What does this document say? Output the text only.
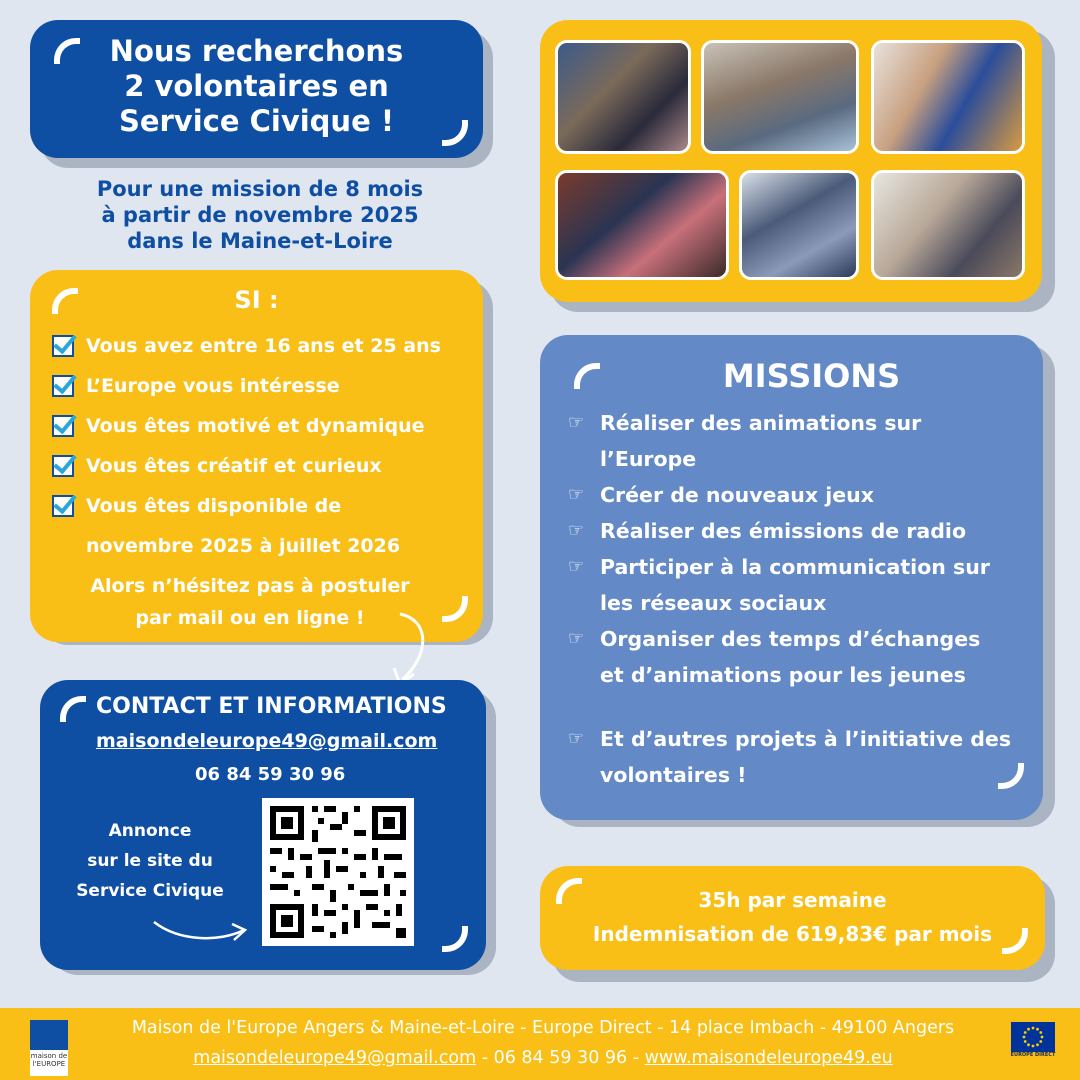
Nous recherchons
2 volontaires en
Service Civique !
Pour une mission de 8 mois
à partir de novembre 2025
dans le Maine-et-Loire
SI :
Vous avez entre 16 ans et 25 ans
L’Europe vous intéresse
Vous êtes motivé et dynamique
Vous êtes créatif et curieux
Vous êtes disponible de
novembre 2025 à juillet 2026
Alors n’hésitez pas à postuler
par mail ou en ligne !
CONTACT ET INFORMATIONS
maisondeleurope49@gmail.com
06 84 59 30 96
Annonce
sur le site du
Service Civique
MISSIONS
☞ Réaliser des animations sur
l’Europe
☞ Créer de nouveaux jeux
☞ Réaliser des émissions de radio
☞ Participer à la communication sur
les réseaux sociaux
☞ Organiser des temps d’échanges
et d’animations pour les jeunes
☞ Et d’autres projets à l’initiative des
volontaires !
35h par semaine
Indemnisation de 619,83€ par mois
maison de l'EUROPE
Maison de l'Europe Angers & Maine-et-Loire - Europe Direct - 14 place Imbach - 49100 Angers
maisondeleurope49@gmail.com - 06 84 59 30 96 - www.maisondeleurope49.eu	EUROPE DIRECT
